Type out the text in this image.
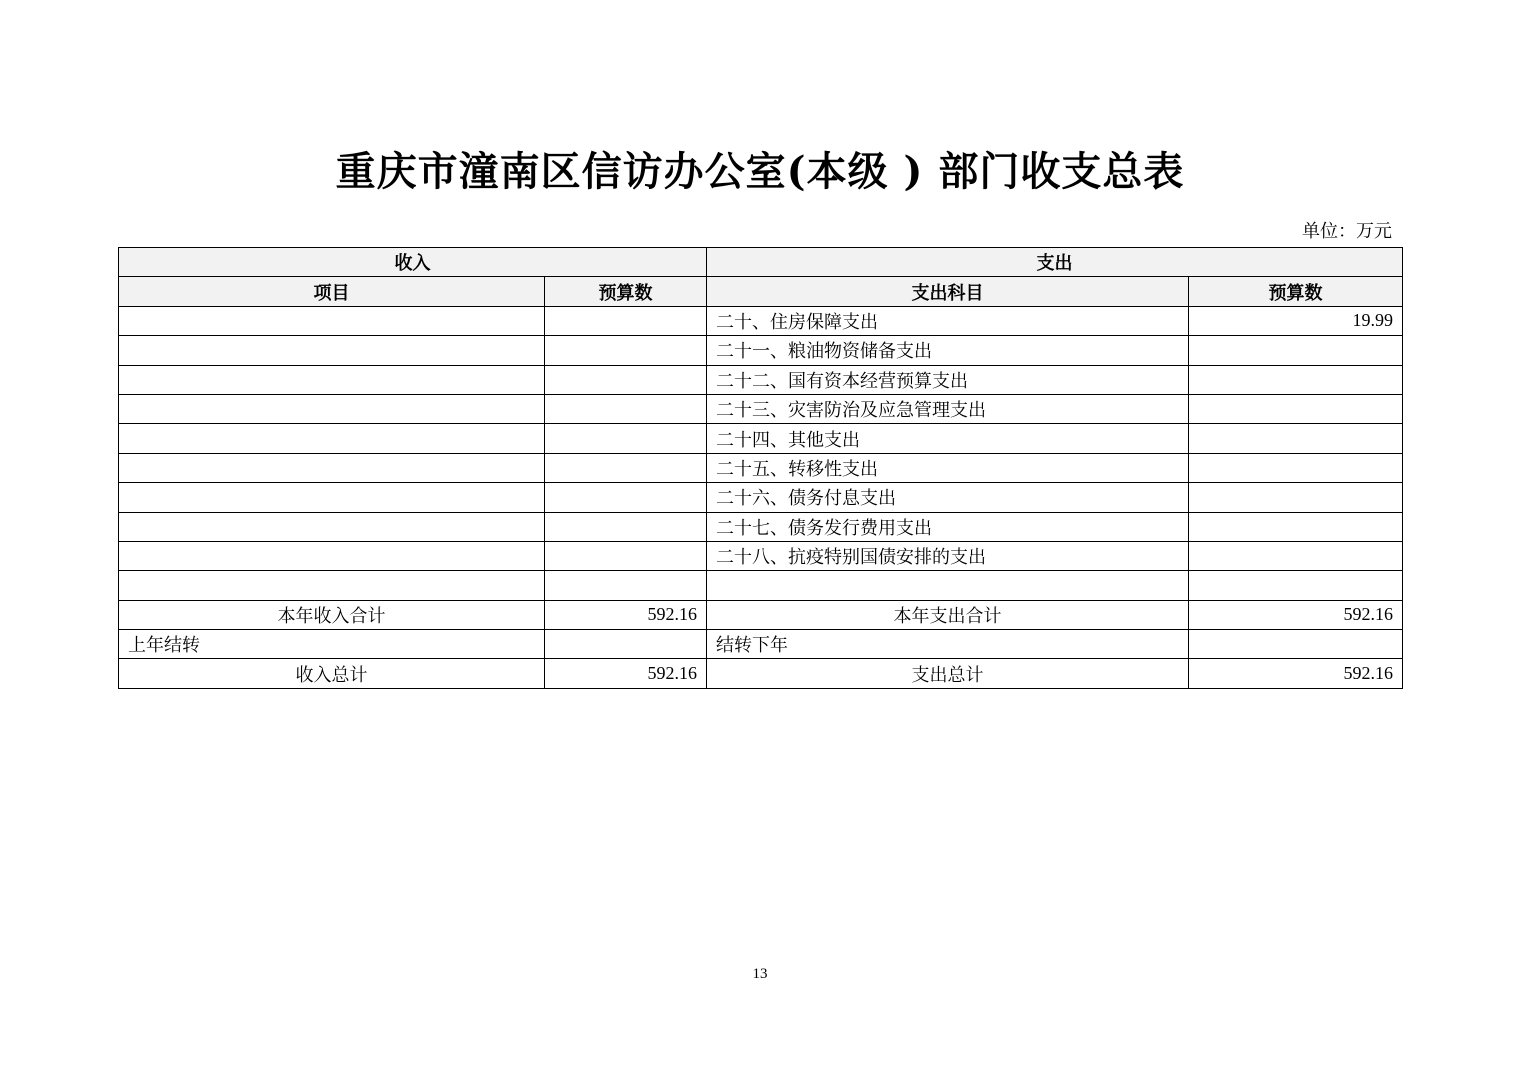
重庆市潼南区信访办公室(本级 ) 部门收支总表
单位：万元
收入		支出	
项目	预算数	支出科目	预算数
		二十、住房保障支出	19.99
		二十一、粮油物资储备支出	
		二十二、国有资本经营预算支出	
		二十三、灾害防治及应急管理支出	
		二十四、其他支出	
		二十五、转移性支出	
		二十六、债务付息支出	
		二十七、债务发行费用支出	
		二十八、抗疫特别国债安排的支出	

本年收入合计	592.16	本年支出合计	592.16
上年结转		结转下年	
收入总计	592.16	支出总计	592.16
13
